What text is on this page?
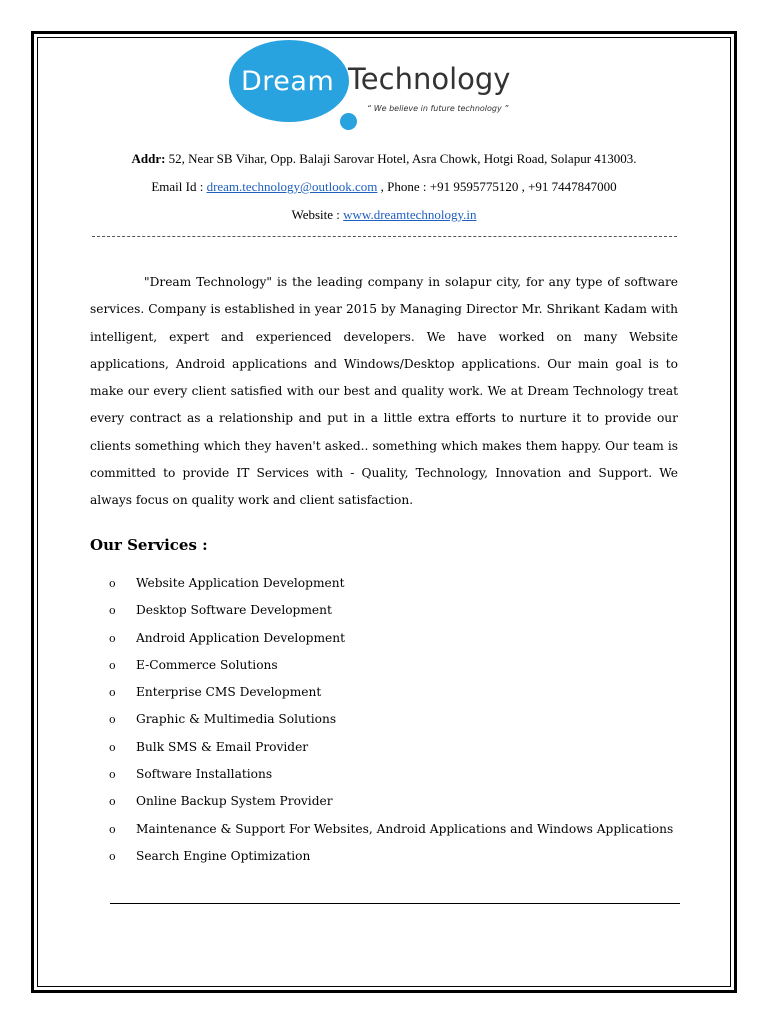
Dream Technology
“ We believe in future technology ”
Addr: 52, Near SB Vihar, Opp. Balaji Sarovar Hotel, Asra Chowk, Hotgi Road, Solapur 413003.
Email Id : dream.technology@outlook.com , Phone : +91 9595775120 , +91 7447847000
Website : www.dreamtechnology.in
"Dream Technology" is the leading company in solapur city, for any type of software services. Company is established in year 2015 by Managing Director Mr. Shrikant Kadam with intelligent, expert and experienced developers. We have worked on many Website applications, Android applications and Windows/Desktop applications. Our main goal is to make our every client satisfied with our best and quality work. We at Dream Technology treat every contract as a relationship and put in a little extra efforts to nurture it to provide our clients something which they haven't asked.. something which makes them happy. Our team is committed to provide IT Services with - Quality, Technology, Innovation and Support. We always focus on quality work and client satisfaction.
Our Services :
o Website Application Development
o Desktop Software Development
o Android Application Development
o E-Commerce Solutions
o Enterprise CMS Development
o Graphic & Multimedia Solutions
o Bulk SMS & Email Provider
o Software Installations
o Online Backup System Provider
o Maintenance & Support For Websites, Android Applications and Windows Applications
o Search Engine Optimization
